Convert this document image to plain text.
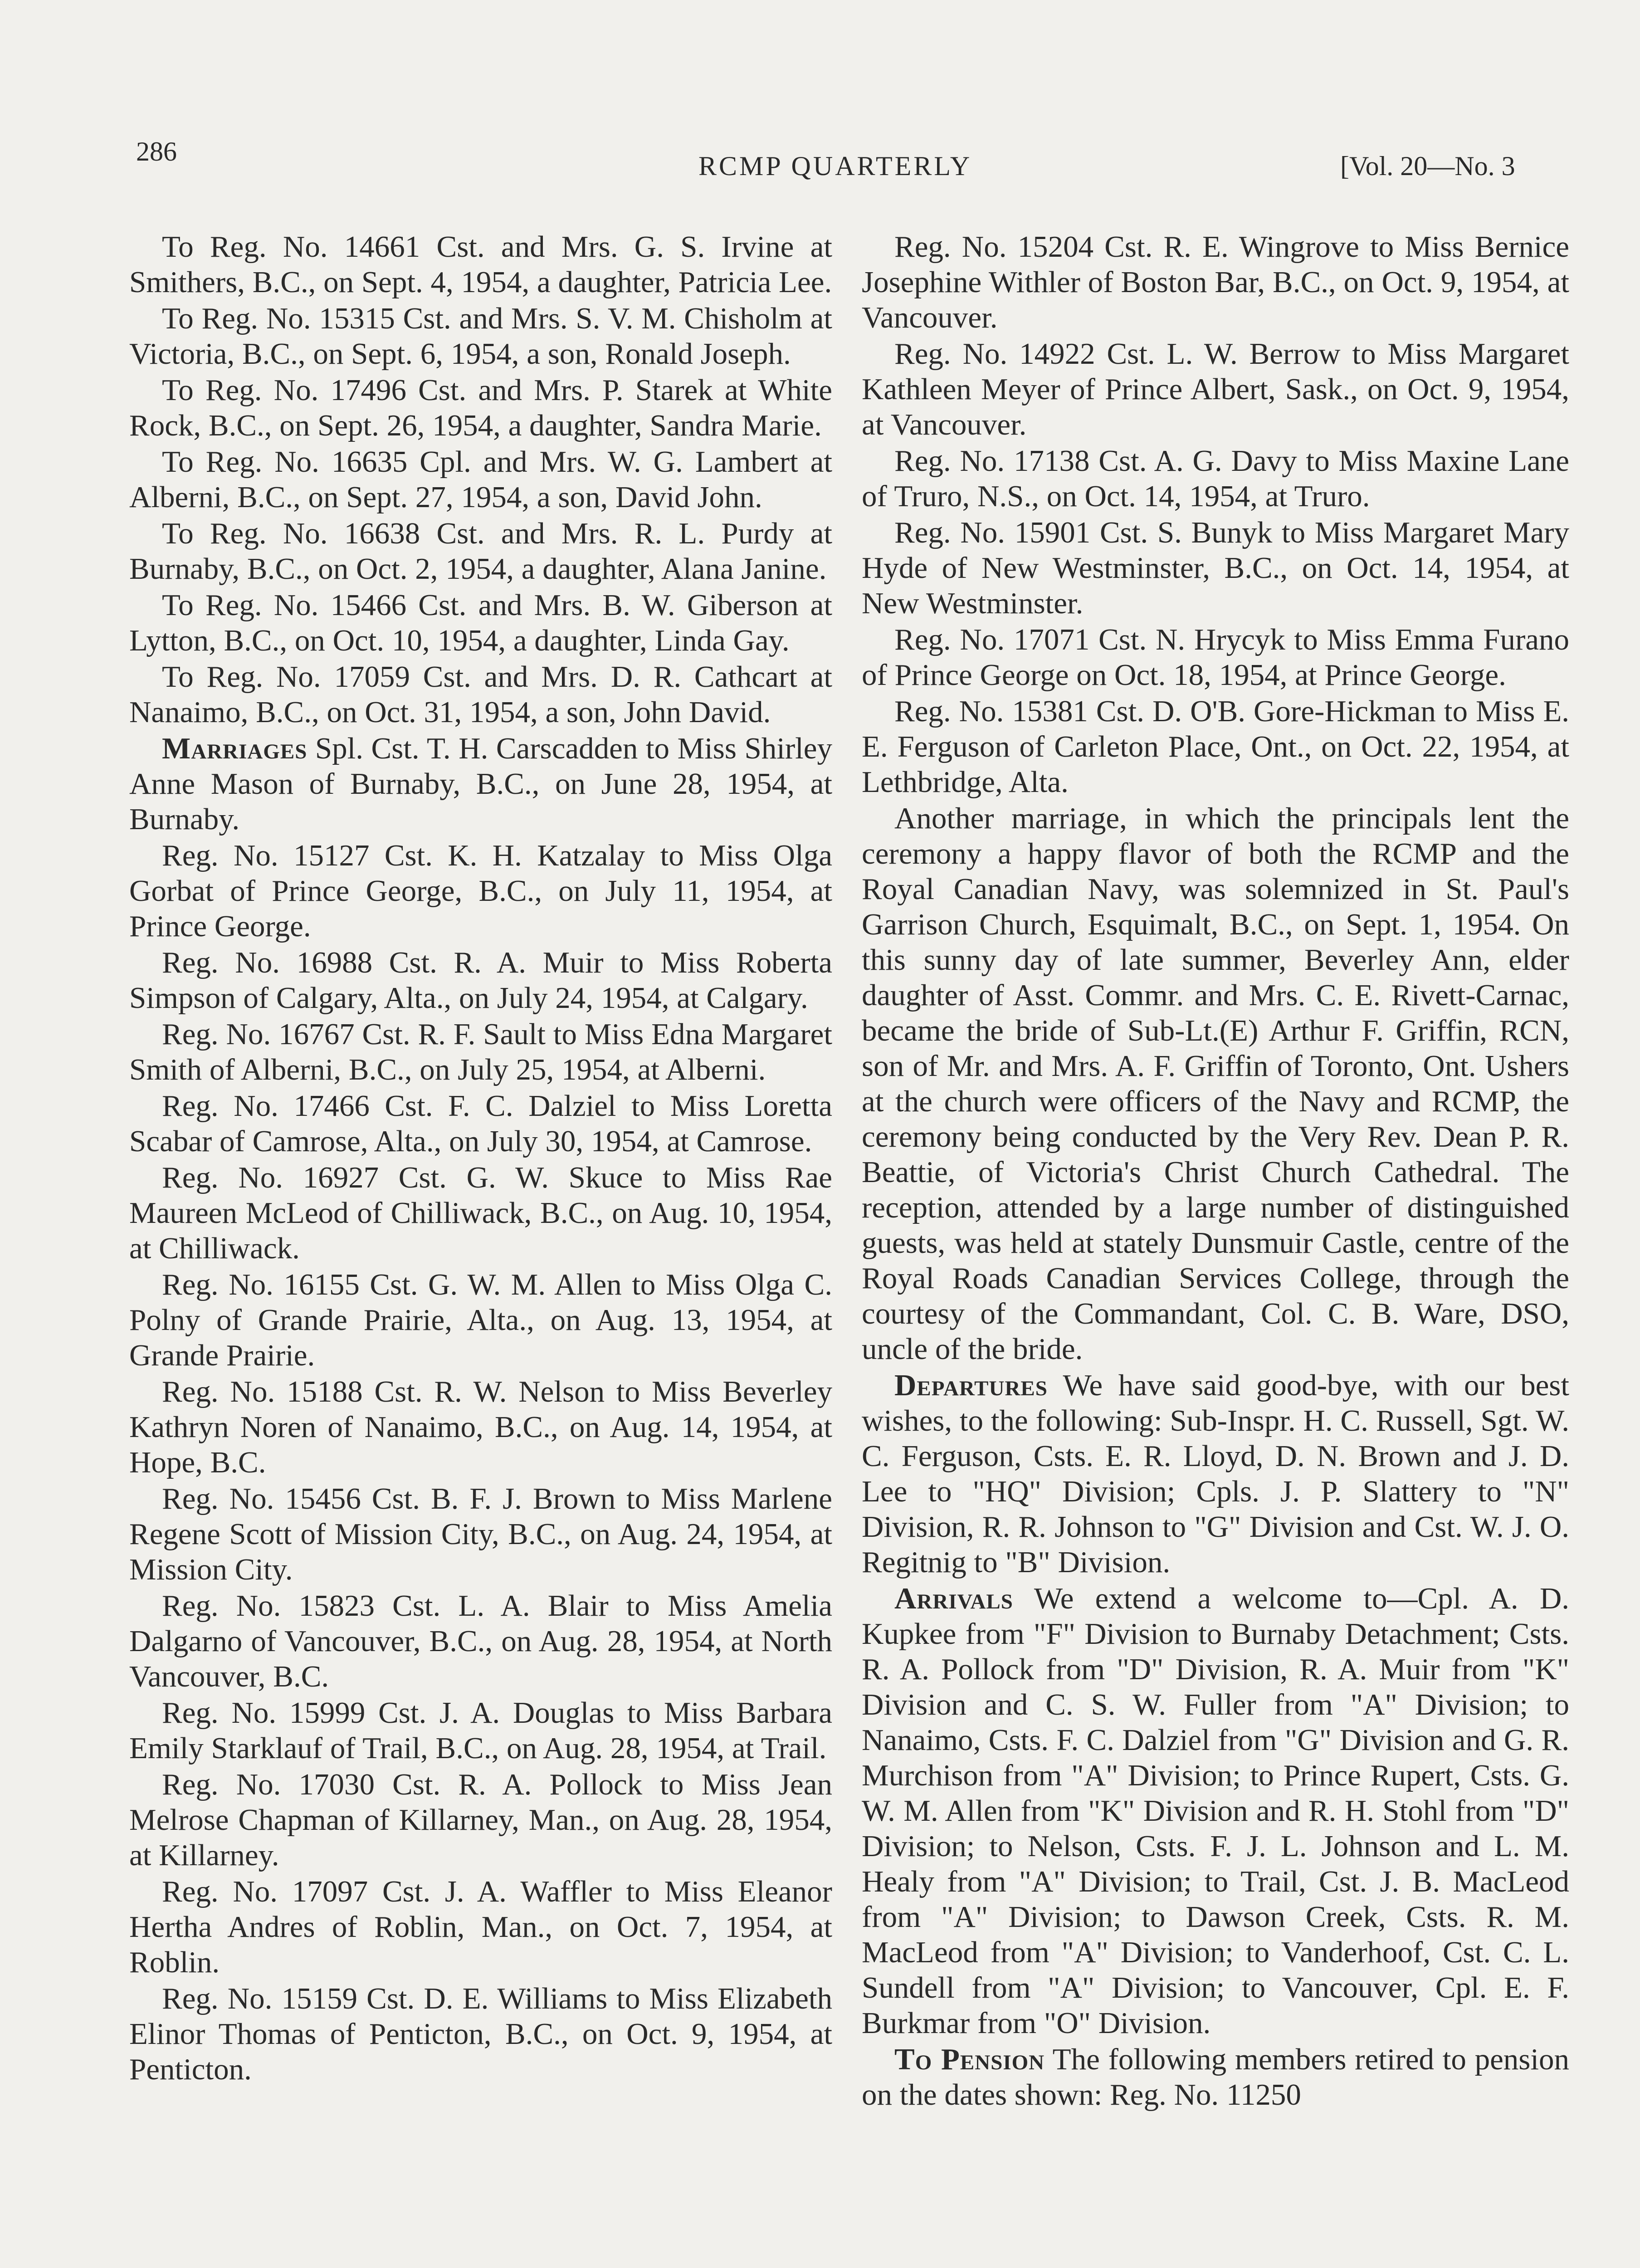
286	RCMP QUARTERLY	[Vol. 20—No. 3

To Reg. No. 14661 Cst. and Mrs. G. S. Irvine at Smithers, B.C., on Sept. 4, 1954, a daughter, Patricia Lee.

To Reg. No. 15315 Cst. and Mrs. S. V. M. Chisholm at Victoria, B.C., on Sept. 6, 1954, a son, Ronald Joseph.

To Reg. No. 17496 Cst. and Mrs. P. Starek at White Rock, B.C., on Sept. 26, 1954, a daughter, Sandra Marie.

To Reg. No. 16635 Cpl. and Mrs. W. G. Lambert at Alberni, B.C., on Sept. 27, 1954, a son, David John.

To Reg. No. 16638 Cst. and Mrs. R. L. Purdy at Burnaby, B.C., on Oct. 2, 1954, a daughter, Alana Janine.

To Reg. No. 15466 Cst. and Mrs. B. W. Giberson at Lytton, B.C., on Oct. 10, 1954, a daughter, Linda Gay.

To Reg. No. 17059 Cst. and Mrs. D. R. Cathcart at Nanaimo, B.C., on Oct. 31, 1954, a son, John David.

Marriages Spl. Cst. T. H. Carscadden to Miss Shirley Anne Mason of Burnaby, B.C., on June 28, 1954, at Burnaby.

Reg. No. 15127 Cst. K. H. Katzalay to Miss Olga Gorbat of Prince George, B.C., on July 11, 1954, at Prince George.

Reg. No. 16988 Cst. R. A. Muir to Miss Roberta Simpson of Calgary, Alta., on July 24, 1954, at Calgary.

Reg. No. 16767 Cst. R. F. Sault to Miss Edna Margaret Smith of Alberni, B.C., on July 25, 1954, at Alberni.

Reg. No. 17466 Cst. F. C. Dalziel to Miss Loretta Scabar of Camrose, Alta., on July 30, 1954, at Camrose.

Reg. No. 16927 Cst. G. W. Skuce to Miss Rae Maureen McLeod of Chilliwack, B.C., on Aug. 10, 1954, at Chilliwack.

Reg. No. 16155 Cst. G. W. M. Allen to Miss Olga C. Polny of Grande Prairie, Alta., on Aug. 13, 1954, at Grande Prairie.

Reg. No. 15188 Cst. R. W. Nelson to Miss Beverley Kathryn Noren of Nanaimo, B.C., on Aug. 14, 1954, at Hope, B.C.

Reg. No. 15456 Cst. B. F. J. Brown to Miss Marlene Regene Scott of Mission City, B.C., on Aug. 24, 1954, at Mission City.

Reg. No. 15823 Cst. L. A. Blair to Miss Amelia Dalgarno of Vancouver, B.C., on Aug. 28, 1954, at North Vancouver, B.C.

Reg. No. 15999 Cst. J. A. Douglas to Miss Barbara Emily Starklauf of Trail, B.C., on Aug. 28, 1954, at Trail.

Reg. No. 17030 Cst. R. A. Pollock to Miss Jean Melrose Chapman of Killarney, Man., on Aug. 28, 1954, at Killarney.

Reg. No. 17097 Cst. J. A. Waffler to Miss Eleanor Hertha Andres of Roblin, Man., on Oct. 7, 1954, at Roblin.

Reg. No. 15159 Cst. D. E. Williams to Miss Elizabeth Elinor Thomas of Penticton, B.C., on Oct. 9, 1954, at Penticton.

Reg. No. 15204 Cst. R. E. Wingrove to Miss Bernice Josephine Withler of Boston Bar, B.C., on Oct. 9, 1954, at Vancouver.

Reg. No. 14922 Cst. L. W. Berrow to Miss Margaret Kathleen Meyer of Prince Albert, Sask., on Oct. 9, 1954, at Vancouver.

Reg. No. 17138 Cst. A. G. Davy to Miss Maxine Lane of Truro, N.S., on Oct. 14, 1954, at Truro.

Reg. No. 15901 Cst. S. Bunyk to Miss Margaret Mary Hyde of New Westminster, B.C., on Oct. 14, 1954, at New Westminster.

Reg. No. 17071 Cst. N. Hrycyk to Miss Emma Furano of Prince George on Oct. 18, 1954, at Prince George.

Reg. No. 15381 Cst. D. O'B. Gore-Hickman to Miss E. E. Ferguson of Carleton Place, Ont., on Oct. 22, 1954, at Lethbridge, Alta.

Another marriage, in which the principals lent the ceremony a happy flavor of both the RCMP and the Royal Canadian Navy, was solemnized in St. Paul's Garrison Church, Esquimalt, B.C., on Sept. 1, 1954. On this sunny day of late summer, Beverley Ann, elder daughter of Asst. Commr. and Mrs. C. E. Rivett-Carnac, became the bride of Sub-Lt.(E) Arthur F. Griffin, RCN, son of Mr. and Mrs. A. F. Griffin of Toronto, Ont. Ushers at the church were officers of the Navy and RCMP, the ceremony being conducted by the Very Rev. Dean P. R. Beattie, of Victoria's Christ Church Cathedral. The reception, attended by a large number of distinguished guests, was held at stately Dunsmuir Castle, centre of the Royal Roads Canadian Services College, through the courtesy of the Commandant, Col. C. B. Ware, DSO, uncle of the bride.

Departures We have said good-bye, with our best wishes, to the following: Sub-Inspr. H. C. Russell, Sgt. W. C. Ferguson, Csts. E. R. Lloyd, D. N. Brown and J. D. Lee to "HQ" Division; Cpls. J. P. Slattery to "N" Division, R. R. Johnson to "G" Division and Cst. W. J. O. Regitnig to "B" Division.

Arrivals We extend a welcome to—Cpl. A. D. Kupkee from "F" Division to Burnaby Detachment; Csts. R. A. Pollock from "D" Division, R. A. Muir from "K" Division and C. S. W. Fuller from "A" Division; to Nanaimo, Csts. F. C. Dalziel from "G" Division and G. R. Murchison from "A" Division; to Prince Rupert, Csts. G. W. M. Allen from "K" Division and R. H. Stohl from "D" Division; to Nelson, Csts. F. J. L. Johnson and L. M. Healy from "A" Division; to Trail, Cst. J. B. MacLeod from "A" Division; to Dawson Creek, Csts. R. M. MacLeod from "A" Division; to Vanderhoof, Cst. C. L. Sundell from "A" Division; to Vancouver, Cpl. E. F. Burkmar from "O" Division.

To Pension The following members retired to pension on the dates shown: Reg. No. 11250
